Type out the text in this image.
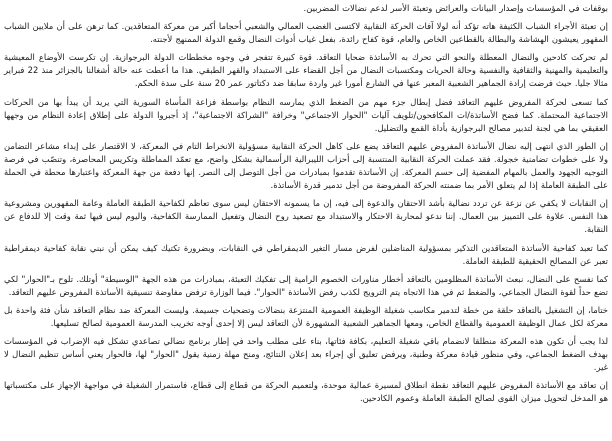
بوقفات في المؤسسات وإصدار البيانات والعرائض وتعبئة الأسر لدعم نضالات المضربين.

إن تعبئة الأجراء الشباب الكثيفة هاته تؤكد أنه لولا آفات الحركة النقابية لاكتسى الغضب العمالي والشعبي أحجاما أكبر من معركة المتعاقدين. كما ترهن على أن ملايين الشباب المقهور يعيشون الهشاشة والبطالة بالقطاعين الخاص والعام، قوة كفاح رائدة، بفعل غياب أدوات النضال وقمع الدولة الممنهج لأجنته.

لم تحركت كادحين والنضال المعطلة والنحو التي تحرك به الأساتذة ضحايا التعاقد. قوة كبيرة تتفجر في وجوه مخططات الدولة البرجوازية. إن تكرست الأوضاع المعيشية والتعليمية والمهنية والثقافية والنفسية وحالة الحريات ومكتسبات النضال من أجل القضاء على الاستبداد والقهر الطبقي. هذا ما أعطت عنه حالة أشغالنا بالجزائر منذ 22 فبراير مثالا جليا. حيث فرضت إرادة الجماهير الشعبية المعبر عنها في الشارع أمورا غير واردة سابقا ضد دكتاتور عمر 20 سنة على سدة الحكم.

كما تسعى لحركة المفروض عليهم التعاقد فضل إبطال جزء مهم من الضغط الذي يمارسه النظام بواسطة فزاعة المأساة السورية التي يريد أن يبدأ بها من الحركات الاجتماعية المحتملة. كما فضح الأساتذة/ات المكافحون/تلويف آليات "الحوار الاجتماعي" وخرافة "الشراكة الاجتماعية"، إذ أجبروا الدولة على إطلاق إعادة النظام من وجهها العقيقي بما هي لجنة لتدبير مصالح البرجوازية بأداة القمع والتضليل.

إن الطور الذي انتهى إليه نضال الأساتذة المفروض عليهم التعاقد يضع على كاهل الحركة النقابية مسؤولية الانخراط التام في المعركة، لا الاقتصار على إبداء مشاعر التضامن ولا على خطوات تضامنية خجولة. فقد عملت الحركة النقابية المنتسبة إلى أحزاب الليبرالية الرأسمالية بشكل واضح، مع تعمّد المماطلة وتكريس المحاصرة، وتنصّب في فرصة التوجيه الجهود والعمل بالمهام المفضية إلى حسم المعركة. إن الأساتذة تقدموا بمبادرات من أجل التوصل إلى النصر. إنها دفعة من جهة المعركة واعتبارها محطة في الحملة على الطبقة العاملة إذا لم يتعلق الأمر بما ضمنته الحركة المفروضة من أجل تدمير قدرة الأساتذة.

إن النقابات لا يكفي عن نزعة عن تردد نضالية بأشد الاحتقان والدعوة إلى فيه، إن ما يسمونه الاحتقان ليس سوى تعاظم لكفاحية الطبقة العاملة وعامة المقهورين ومشروعية هذا النفس. علاوة على التمييز بين العمال. إننا ندعو لمحاربة الاحتكار والاستبداد مع تصعيد روح النضال وتفعيل الممارسة الكفاحية، واليوم ليس فيها ثمة وقت إلا للدفاع عن النقابة.

كما تعبد كفاحية الأساتذة المتعاقدين التذكير بمسؤولية المناضلين لفرض مسار التغير الديمقراطي في النقابات، وبضرورة تكتيك كيف يمكن أن نبني نقابة كفاحية ديمقراطية تعبر عن المصالح الحقيقية للطبقة العاملة.

كما نفسح على النضال، نبعث الأساتذة المظلومين بالتعاقد أخطار مناورات الخصوم الرامية إلى تفكيك التعبئة، بمبادرات من هذه الجهة "الوسيطة" أوتلك. تلوح بـ"الحوار" لكي تضع حداً لقوة النضال الجماعي، والضغط ثم في هذا الاتجاه يتم الترويج لكذب رفض الأساتذة "الحوار". فيما الوزارة ترفض مفاوضة تنسيقية الأساتذة المفروض عليهم التعاقد.

ختاما، إن التشغيل بالتعاقد حلقة من خطة لتدمير مكاسب شغيلة الوظيفة العمومية المنتزعة بنضالات وتضحيات جسيمة. وليست المعركة ضد نظام التعاقد شأن فئة واحدة بل معركة لكل عمال الوظيفة العمومية والقطاع الخاص، ومعها الجماهير الشعبية المشهورة لأن التعاقد ليس إلا إحدى أوجه تخريب المدرسة العمومية لصالح تسليعها.

لذا يجب أن تكون هذه المعركة منطلقا لانضمام باقي شغيلة التعليم، بكافة فئاتها، بناء على مطلب واحد في إطار برنامج نضالي تصاعدي تشكل فيه الإضراب في المؤسسات بهدف الضغط الجماعي، وفي منظور قيادة معركة وطنية، ويرفض تعليق أي إجراء بعد إعلان النتائج، ومنح مهلة زمنية يقول "الحوار" لها، فالحوار يعني أساس تنظيم النضال لا غير.

إن تعاقد مع الأساتذة المفروض عليهم التعاقد نقطة انطلاق لمسيرة عمالية موحدة، ولتعميم الحركة من قطاع إلى قطاع، فاستمرار الشغيلة في مواجهة الإجهاز على مكتسباتها هو المدخل لتحويل ميزان القوى لصالح الطبقة العاملة وعموم الكادحين.
